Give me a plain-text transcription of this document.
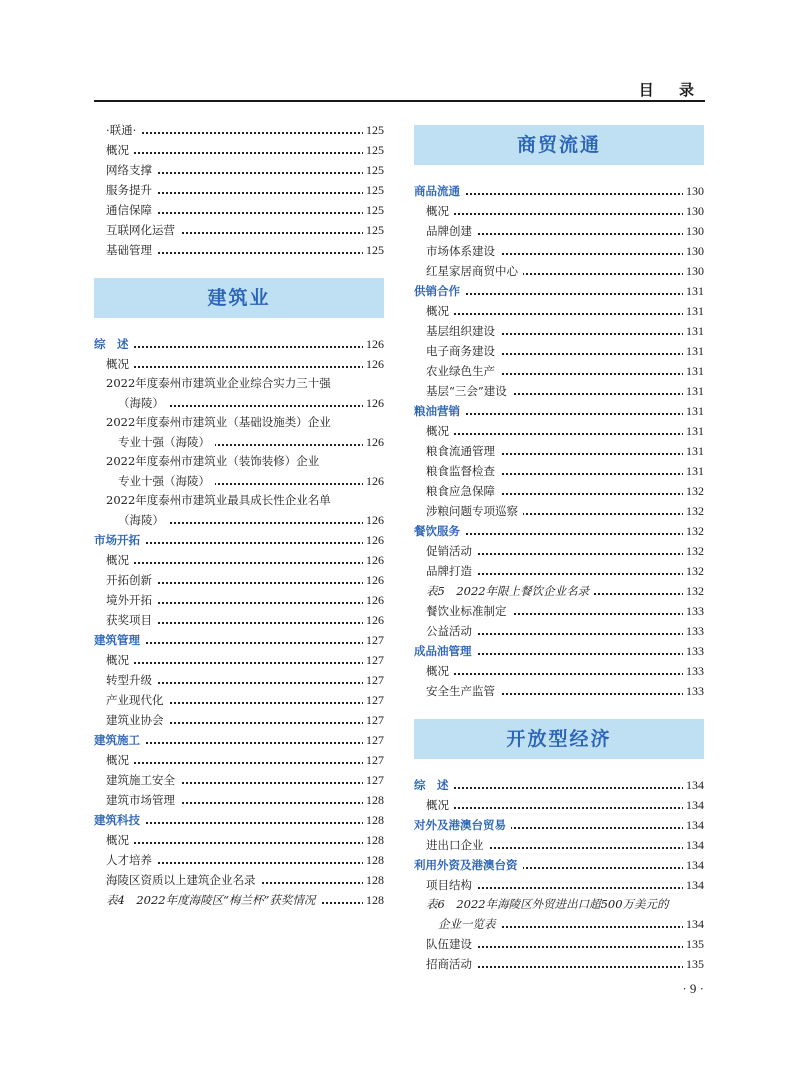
目 录
·联通·	125
概况	125
网络支撑	125
服务提升	125
通信保障	125
互联网化运营	125
基础管理	125
建筑业
综　述	126
概况	126
2022年度泰州市建筑业企业综合实力三十强
（海陵）	126
2022年度泰州市建筑业（基础设施类）企业
专业十强（海陵）	126
2022年度泰州市建筑业（装饰装修）企业
专业十强（海陵）	126
2022年度泰州市建筑业最具成长性企业名单
（海陵）	126
市场开拓	126
概况	126
开拓创新	126
境外开拓	126
获奖项目	126
建筑管理	127
概况	127
转型升级	127
产业现代化	127
建筑业协会	127
建筑施工	127
概况	127
建筑施工安全	127
建筑市场管理	128
建筑科技	128
概况	128
人才培养	128
海陵区资质以上建筑企业名录	128
表4　2022年度海陵区“梅兰杯”获奖情况	128
商贸流通
商品流通	130
概况	130
品牌创建	130
市场体系建设	130
红星家居商贸中心	130
供销合作	131
概况	131
基层组织建设	131
电子商务建设	131
农业绿色生产	131
基层“三会”建设	131
粮油营销	131
概况	131
粮食流通管理	131
粮食监督检查	131
粮食应急保障	132
涉粮问题专项巡察	132
餐饮服务	132
促销活动	132
品牌打造	132
表5　2022年限上餐饮企业名录	132
餐饮业标准制定	133
公益活动	133
成品油管理	133
概况	133
安全生产监管	133
开放型经济
综　述	134
概况	134
对外及港澳台贸易	134
进出口企业	134
利用外资及港澳台资	134
项目结构	134
表6　2022年海陵区外贸进出口超500万美元的
企业一览表	134
队伍建设	135
招商活动	135
· 9 ·
